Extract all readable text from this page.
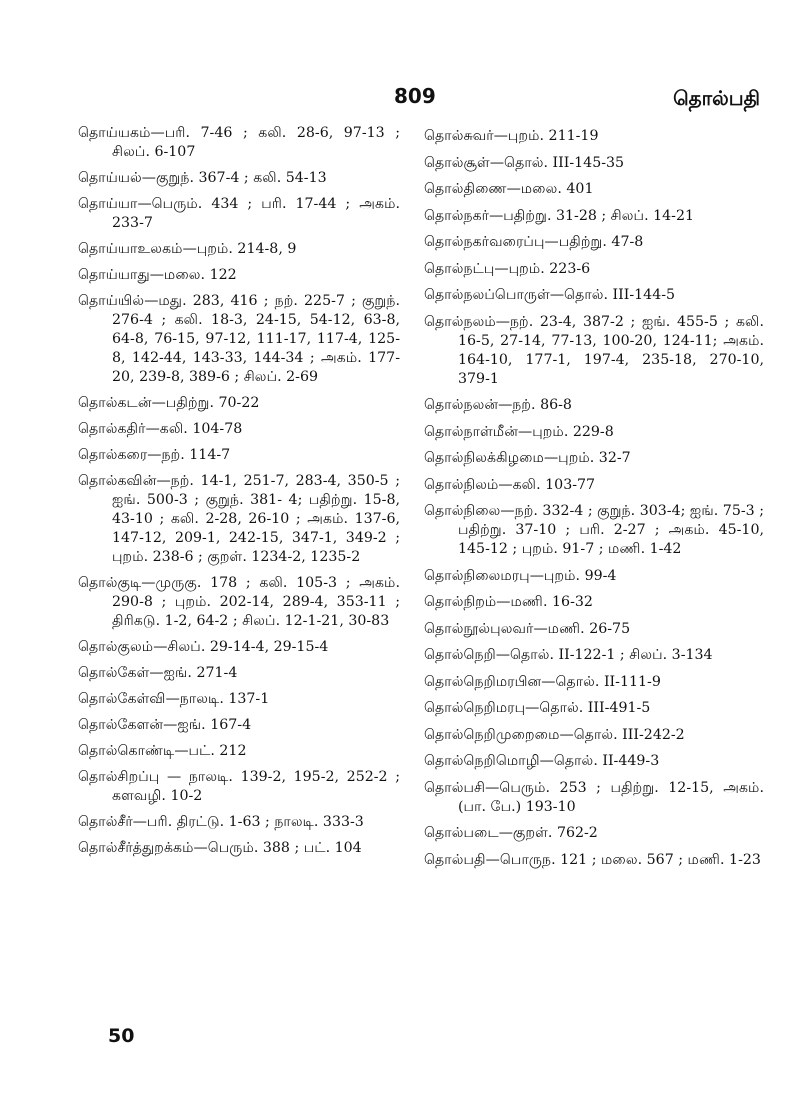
809	தொல்பதி

தொய்யகம்—பரி. 7-46 ; கலி. 28-6, 97-13 ; சிலப். 6-107

தொய்யல்—குறுந். 367-4 ; கலி. 54-13

தொய்யா—பெரும். 434 ; பரி. 17-44 ; அகம். 233-7

தொய்யாஉலகம்—புறம். 214-8, 9

தொய்யாது—மலை. 122

தொய்யில்—மது. 283, 416 ; நற். 225-7 ; குறுந். 276-4 ; கலி. 18-3, 24-15, 54-12, 63-8, 64-8, 76-15, 97-12, 111-17, 117-4, 125-8, 142-44, 143-33, 144-34 ; அகம். 177-20, 239-8, 389-6 ; சிலப். 2-69

தொல்கடன்—பதிற்று. 70-22

தொல்கதிர்—கலி. 104-78

தொல்கரை—நற். 114-7

தொல்கவின்—நற். 14-1, 251-7, 283-4, 350-5 ; ஐங். 500-3 ; குறுந். 381- 4; பதிற்று. 15-8, 43-10 ; கலி. 2-28, 26-10 ; அகம். 137-6, 147-12, 209-1, 242-15, 347-1, 349-2 ; புறம். 238-6 ; குறள். 1234-2, 1235-2

தொல்குடி—முருகு. 178 ; கலி. 105-3 ; அகம். 290-8 ; புறம். 202-14, 289-4, 353-11 ; திரிகடு. 1-2, 64-2 ; சிலப். 12-1-21, 30-83

தொல்குலம்—சிலப். 29-14-4, 29-15-4

தொல்கேள்—ஐங். 271-4

தொல்கேள்வி—நாலடி. 137-1

தொல்கேளன்—ஐங். 167-4

தொல்கொண்டி—பட். 212

தொல்சிறப்பு — நாலடி. 139-2, 195-2, 252-2 ; களவழி. 10-2

தொல்சீர்—பரி. திரட்டு. 1-63 ; நாலடி. 333-3

தொல்சீர்த்துறக்கம்—பெரும். 388 ; பட். 104

தொல்சுவர்—புறம். 211-19

தொல்சூள்—தொல். III-145-35

தொல்திணை—மலை. 401

தொல்நகர்—பதிற்று. 31-28 ; சிலப். 14-21

தொல்நகர்வரைப்பு—பதிற்று. 47-8

தொல்நட்பு—புறம். 223-6

தொல்நலப்பொருள்—தொல். III-144-5

தொல்நலம்—நற். 23-4, 387-2 ; ஐங். 455-5 ; கலி. 16-5, 27-14, 77-13, 100-20, 124-11; அகம். 164-10, 177-1, 197-4, 235-18, 270-10, 379-1

தொல்நலன்—நற். 86-8

தொல்நாள்மீன்—புறம். 229-8

தொல்நிலக்கிழமை—புறம். 32-7

தொல்நிலம்—கலி. 103-77

தொல்நிலை—நற். 332-4 ; குறுந். 303-4; ஐங். 75-3 ; பதிற்று. 37-10 ; பரி. 2-27 ; அகம். 45-10, 145-12 ; புறம். 91-7 ; மணி. 1-42

தொல்நிலைமரபு—புறம். 99-4

தொல்நிறம்—மணி. 16-32

தொல்நூல்புலவர்—மணி. 26-75

தொல்நெறி—தொல். II-122-1 ; சிலப். 3-134

தொல்நெறிமரபின—தொல். II-111-9

தொல்நெறிமரபு—தொல். III-491-5

தொல்நெறிமுறைமை—தொல். III-242-2

தொல்நெறிமொழி—தொல். II-449-3

தொல்பசி—பெரும். 253 ; பதிற்று. 12-15, அகம். (பா. பே.) 193-10

தொல்படை—குறள். 762-2

தொல்பதி—பொருந. 121 ; மலை. 567 ; மணி. 1-23

50
